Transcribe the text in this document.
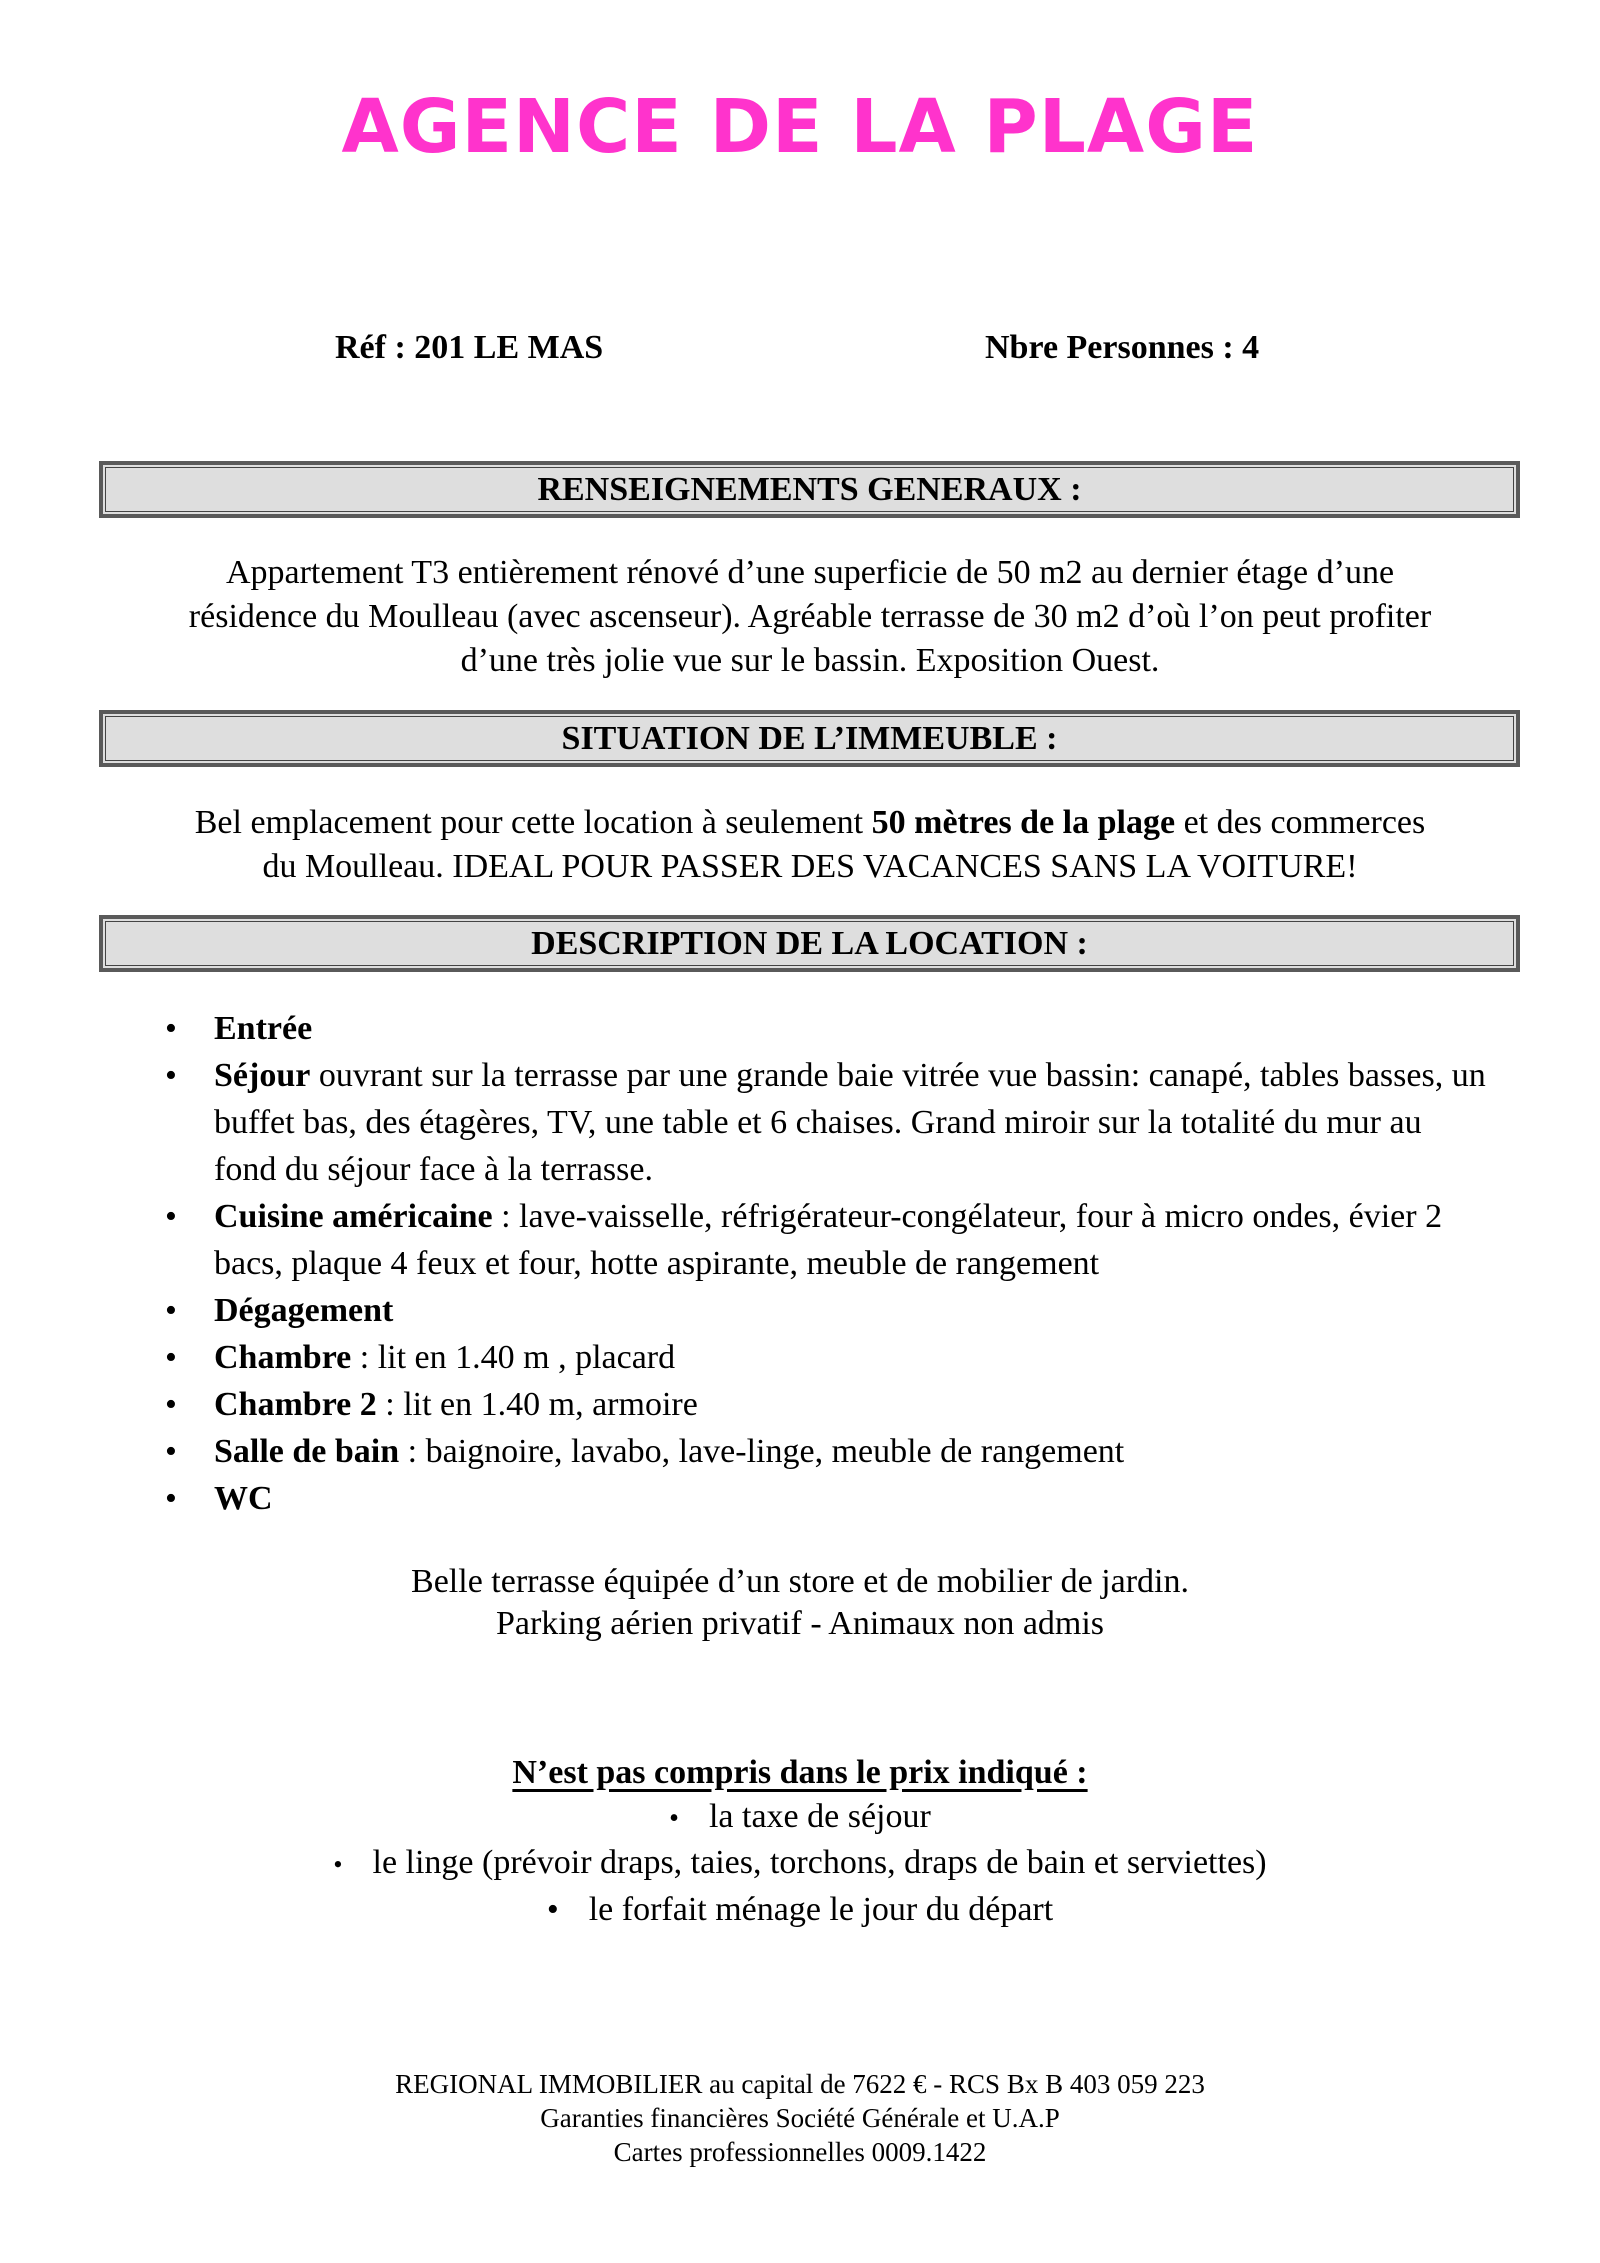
AGENCE DE LA PLAGE
Réf : 201 LE MAS	Nbre Personnes : 4
RENSEIGNEMENTS GENERAUX :
Appartement T3 entièrement rénové d’une superficie de 50 m2 au dernier étage d’une
résidence du Moulleau (avec ascenseur). Agréable terrasse de 30 m2 d’où l’on peut profiter
d’une très jolie vue sur le bassin. Exposition Ouest.
SITUATION DE L’IMMEUBLE :
Bel emplacement pour cette location à seulement 50 mètres de la plage et des commerces
du Moulleau. IDEAL POUR PASSER DES VACANCES SANS LA VOITURE!
DESCRIPTION DE LA LOCATION :
• Entrée
• Séjour ouvrant sur la terrasse par une grande baie vitrée vue bassin: canapé, tables basses, un buffet bas, des étagères, TV, une table et 6 chaises. Grand miroir sur la totalité du mur au fond du séjour face à la terrasse.
• Cuisine américaine : lave-vaisselle, réfrigérateur-congélateur, four à micro ondes, évier 2 bacs, plaque 4 feux et four, hotte aspirante, meuble de rangement
• Dégagement
• Chambre : lit en 1.40 m , placard
• Chambre 2 : lit en 1.40 m, armoire
• Salle de bain : baignoire, lavabo, lave-linge, meuble de rangement
• WC
Belle terrasse équipée d’un store et de mobilier de jardin.
Parking aérien privatif - Animaux non admis
N’est pas compris dans le prix indiqué :
• la taxe de séjour
• le linge (prévoir draps, taies, torchons, draps de bain et serviettes)
• le forfait ménage le jour du départ
REGIONAL IMMOBILIER au capital de 7622 € - RCS Bx B 403 059 223
Garanties financières Société Générale et U.A.P
Cartes professionnelles 0009.1422
